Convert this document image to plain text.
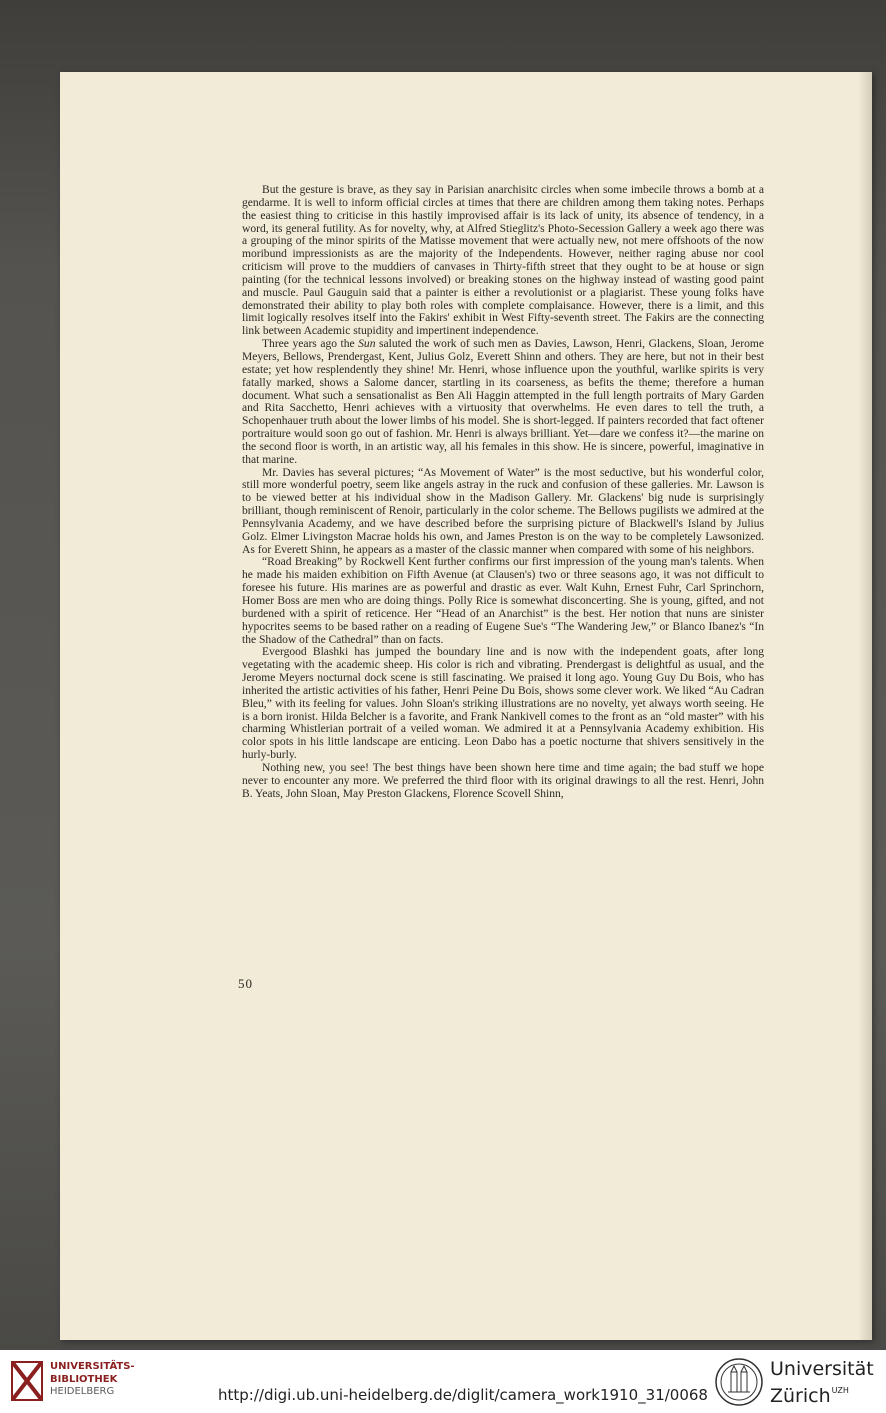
But the gesture is brave, as they say in Parisian anarchisitc circles when some imbecile throws a bomb at a gendarme. It is well to inform official circles at times that there are children among them taking notes. Perhaps the easiest thing to criticise in this hastily improvised affair is its lack of unity, its absence of tendency, in a word, its general futility. As for novelty, why, at Alfred Stieglitz's Photo-Secession Gallery a week ago there was a grouping of the minor spirits of the Matisse movement that were actually new, not mere offshoots of the now moribund impressionists as are the majority of the Independents. However, neither raging abuse nor cool criticism will prove to the muddiers of canvases in Thirty-fifth street that they ought to be at house or sign painting (for the technical lessons involved) or breaking stones on the highway instead of wasting good paint and muscle. Paul Gauguin said that a painter is either a revolutionist or a plagiarist. These young folks have demonstrated their ability to play both roles with complete complaisance. However, there is a limit, and this limit logically resolves itself into the Fakirs' exhibit in West Fifty-seventh street. The Fakirs are the connecting link between Academic stupidity and impertinent independence.

Three years ago the Sun saluted the work of such men as Davies, Lawson, Henri, Glackens, Sloan, Jerome Meyers, Bellows, Prendergast, Kent, Julius Golz, Everett Shinn and others. They are here, but not in their best estate; yet how resplendently they shine! Mr. Henri, whose influence upon the youthful, warlike spirits is very fatally marked, shows a Salome dancer, startling in its coarseness, as befits the theme; therefore a human document. What such a sensationalist as Ben Ali Haggin attempted in the full length portraits of Mary Garden and Rita Sacchetto, Henri achieves with a virtuosity that overwhelms. He even dares to tell the truth, a Schopenhauer truth about the lower limbs of his model. She is short-legged. If painters recorded that fact oftener portraiture would soon go out of fashion. Mr. Henri is always brilliant. Yet—dare we confess it?—the marine on the second floor is worth, in an artistic way, all his females in this show. He is sincere, powerful, imaginative in that marine.

Mr. Davies has several pictures; “As Movement of Water” is the most seductive, but his wonderful color, still more wonderful poetry, seem like angels astray in the ruck and confusion of these galleries. Mr. Lawson is to be viewed better at his individual show in the Madison Gallery. Mr. Glackens' big nude is surprisingly brilliant, though reminiscent of Renoir, particularly in the color scheme. The Bellows pugilists we admired at the Pennsylvania Academy, and we have described before the surprising picture of Blackwell's Island by Julius Golz. Elmer Livingston Macrae holds his own, and James Preston is on the way to be completely Lawsonized. As for Everett Shinn, he appears as a master of the classic manner when compared with some of his neighbors.

“Road Breaking” by Rockwell Kent further confirms our first impression of the young man's talents. When he made his maiden exhibition on Fifth Avenue (at Clausen's) two or three seasons ago, it was not difficult to foresee his future. His marines are as powerful and drastic as ever. Walt Kuhn, Ernest Fuhr, Carl Sprinchorn, Homer Boss are men who are doing things. Polly Rice is somewhat disconcerting. She is young, gifted, and not burdened with a spirit of reticence. Her “Head of an Anarchist” is the best. Her notion that nuns are sinister hypocrites seems to be based rather on a reading of Eugene Sue's “The Wandering Jew,” or Blanco Ibanez's “In the Shadow of the Cathedral” than on facts.

Evergood Blashki has jumped the boundary line and is now with the independent goats, after long vegetating with the academic sheep. His color is rich and vibrating. Prendergast is delightful as usual, and the Jerome Meyers nocturnal dock scene is still fascinating. We praised it long ago. Young Guy Du Bois, who has inherited the artistic activities of his father, Henri Peine Du Bois, shows some clever work. We liked “Au Cadran Bleu,” with its feeling for values. John Sloan's striking illustrations are no novelty, yet always worth seeing. He is a born ironist. Hilda Belcher is a favorite, and Frank Nankivell comes to the front as an “old master” with his charming Whistlerian portrait of a veiled woman. We admired it at a Pennsylvania Academy exhibition. His color spots in his little landscape are enticing. Leon Dabo has a poetic nocturne that shivers sensitively in the hurly-burly.

Nothing new, you see! The best things have been shown here time and time again; the bad stuff we hope never to encounter any more. We preferred the third floor with its original drawings to all the rest. Henri, John B. Yeats, John Sloan, May Preston Glackens, Florence Scovell Shinn,

50
UNIVERSITÄTS-
BIBLIOTHEK
HEIDELBERG
Universität
Zürich$^{UZH}$
http://digi.ub.uni-heidelberg.de/diglit/camera_work1910_31/0068
